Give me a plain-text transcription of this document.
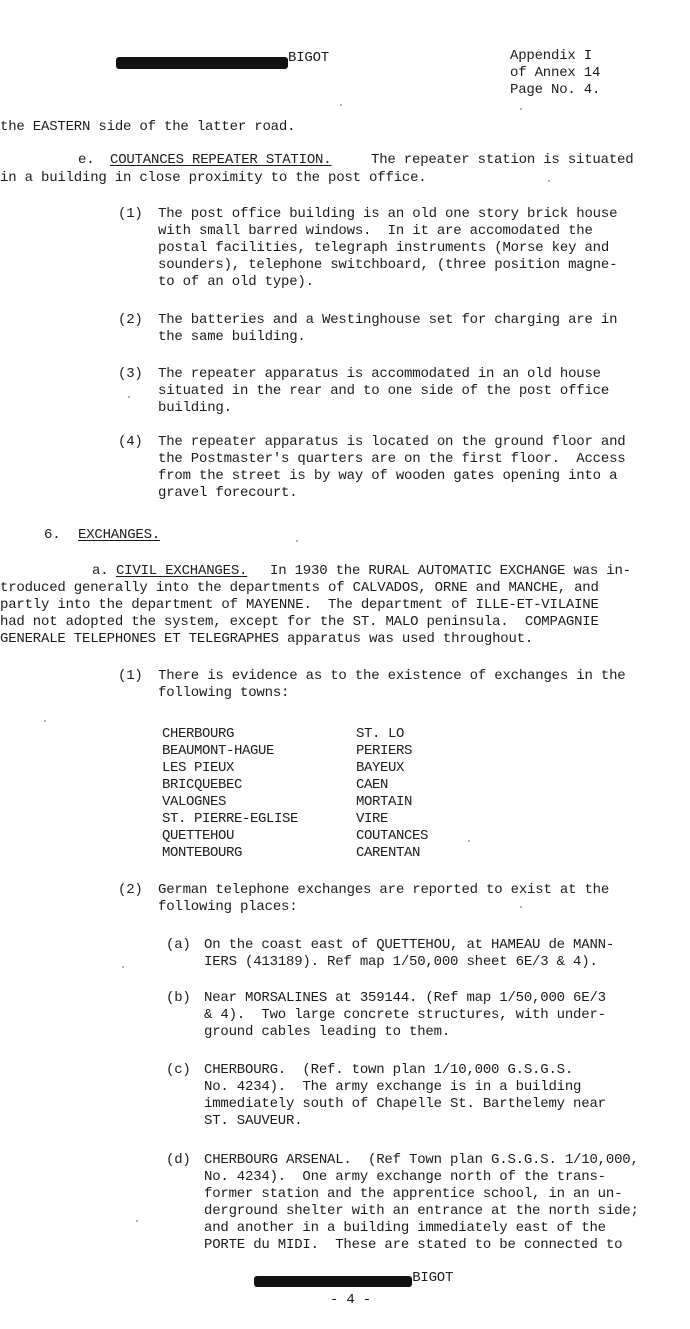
BIGOT	Appendix I
of Annex 14
Page No. 4.
the EASTERN side of the latter road.
e. COUTANCES REPEATER STATION.	The repeater station is situated
in a building in close proximity to the post office.
(1) The post office building is an old one story brick house
with small barred windows.  In it are accomodated the
postal facilities, telegraph instruments (Morse key and
sounders), telephone switchboard, (three position magne-
to of an old type).
(2) The batteries and a Westinghouse set for charging are in
the same building.
(3) The repeater apparatus is accommodated in an old house
situated in the rear and to one side of the post office
building.
(4) The repeater apparatus is located on the ground floor and
the Postmaster's quarters are on the first floor.  Access
from the street is by way of wooden gates opening into a
gravel forecourt.
6. EXCHANGES.
a. CIVIL EXCHANGES. In 1930 the RURAL AUTOMATIC EXCHANGE was in-
troduced generally into the departments of CALVADOS, ORNE and MANCHE, and
partly into the department of MAYENNE.  The department of ILLE-ET-VILAINE
had not adopted the system, except for the ST. MALO peninsula.  COMPAGNIE
GENERALE TELEPHONES ET TELEGRAPHES apparatus was used throughout.
(1) There is evidence as to the existence of exchanges in the
following towns:
CHERBOURG
BEAUMONT-HAGUE
LES PIEUX
BRICQUEBEC
VALOGNES
ST. PIERRE-EGLISE
QUETTEHOU
MONTEBOURG
ST. LO
PERIERS
BAYEUX
CAEN
MORTAIN
VIRE
COUTANCES
CARENTAN
(2) German telephone exchanges are reported to exist at the
following places:
(a) On the coast east of QUETTEHOU, at HAMEAU de MANN-
IERS (413189). Ref map 1/50,000 sheet 6E/3 & 4).
(b) Near MORSALINES at 359144. (Ref map 1/50,000 6E/3
& 4).  Two large concrete structures, with under-
ground cables leading to them.
(c) CHERBOURG.  (Ref. town plan 1/10,000 G.S.G.S.
No. 4234).  The army exchange is in a building
immediately south of Chapelle St. Barthelemy near
ST. SAUVEUR.
(d) CHERBOURG ARSENAL.  (Ref Town plan G.S.G.S. 1/10,000,
No. 4234).  One army exchange north of the trans-
former station and the apprentice school, in an un-
derground shelter with an entrance at the north side;
and another in a building immediately east of the
PORTE du MIDI.  These are stated to be connected to
-BIGOT
- 4 -
